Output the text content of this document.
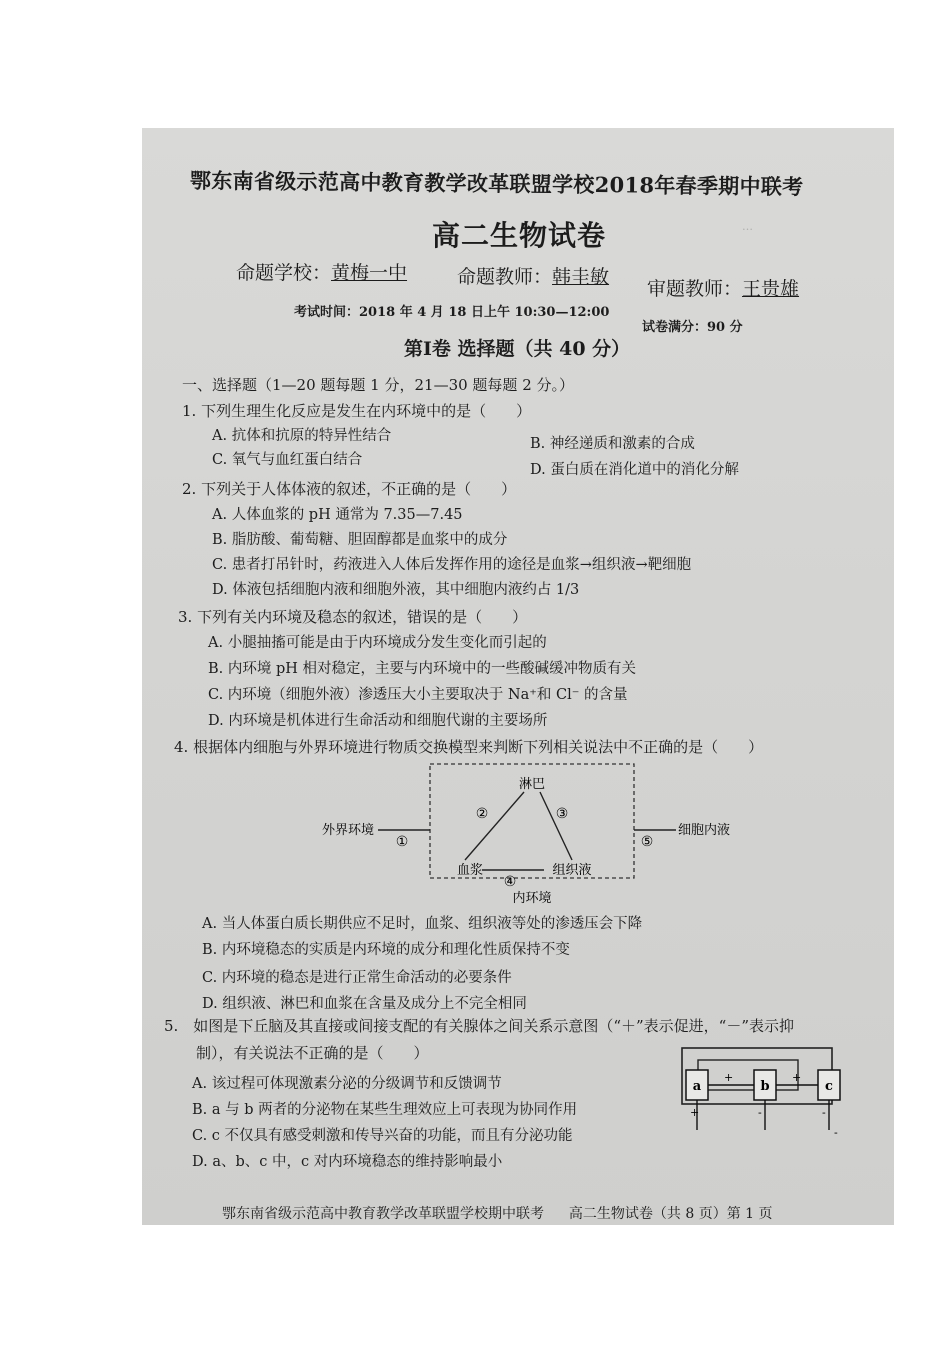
…
鄂东南省级示范高中教育教学改革联盟学校2018年春季期中联考
高二生物试卷
命题学校：黄梅一中	命题教师：韩圭敏
审题教师：王贵雄
考试时间：2018 年 4 月 18 日上午 10:30—12:00
试卷满分：90 分
第Ⅰ卷 选择题（共 40 分）
一、选择题（1—20 题每题 1 分，21—30 题每题 2 分。）
1. 下列生理生化反应是发生在内环境中的是（　　）
A. 抗体和抗原的特异性结合	B. 神经递质和激素的合成
C. 氧气与血红蛋白结合
D. 蛋白质在消化道中的消化分解
2. 下列关于人体体液的叙述，不正确的是（　　）
A. 人体血浆的 pH 通常为 7.35—7.45
B. 脂肪酸、葡萄糖、胆固醇都是血浆中的成分
C. 患者打吊针时，药液进入人体后发挥作用的途径是血浆→组织液→靶细胞
D. 体液包括细胞内液和细胞外液，其中细胞内液约占 1/3
3. 下列有关内环境及稳态的叙述，错误的是（　　）
A. 小腿抽搐可能是由于内环境成分发生变化而引起的
B. 内环境 pH 相对稳定，主要与内环境中的一些酸碱缓冲物质有关
C. 内环境（细胞外液）渗透压大小主要取决于 Na⁺和 Cl⁻ 的含量
D. 内环境是机体进行生命活动和细胞代谢的主要场所
4. 根据体内细胞与外界环境进行物质交换模型来判断下列相关说法中不正确的是（　　）
淋巴
血浆	组织液
②	③
④
外界环境
①	⑤
细胞内液
内环境
A. 当人体蛋白质长期供应不足时，血浆、组织液等处的渗透压会下降
B. 内环境稳态的实质是内环境的成分和理化性质保持不变
C. 内环境的稳态是进行正常生命活动的必要条件
D. 组织液、淋巴和血浆在含量及成分上不完全相同
5.　如图是下丘脑及其直接或间接支配的有关腺体之间关系示意图（“＋”表示促进，“－”表示抑
制），有关说法不正确的是（　　）
A. 该过程可体现激素分泌的分级调节和反馈调节
B. a 与 b 两者的分泌物在某些生理效应上可表现为协同作用
C. c 不仅具有感受刺激和传导兴奋的功能，而且有分泌功能
D. a、b、c 中，c 对内环境稳态的维持影响最小
a	b	c
+	+
+	-	-
-
鄂东南省级示范高中教育教学改革联盟学校期中联考 高二生物试卷（共 8 页）第 1 页
